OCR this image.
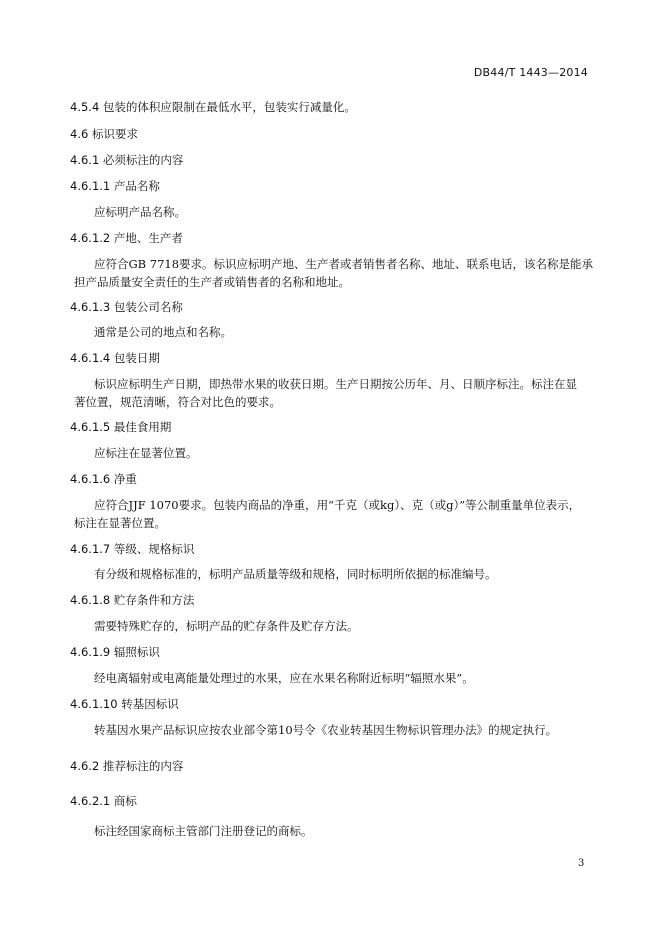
DB44/T 1443—2014
4.5.4 包装的体积应限制在最低水平，包装实行减量化。
4.6 标识要求
4.6.1 必须标注的内容
4.6.1.1 产品名称
应标明产品名称。
4.6.1.2 产地、生产者
应符合GB 7718要求。标识应标明产地、生产者或者销售者名称、地址、联系电话，该名称是能承
担产品质量安全责任的生产者或销售者的名称和地址。
4.6.1.3 包装公司名称
通常是公司的地点和名称。
4.6.1.4 包装日期
标识应标明生产日期，即热带水果的收获日期。生产日期按公历年、月、日顺序标注。标注在显
著位置，规范清晰，符合对比色的要求。
4.6.1.5 最佳食用期
应标注在显著位置。
4.6.1.6 净重
应符合JJF 1070要求。包装内商品的净重，用“千克（或kg）、克（或g）”等公制重量单位表示，
标注在显著位置。
4.6.1.7 等级、规格标识
有分级和规格标准的，标明产品质量等级和规格，同时标明所依据的标准编号。
4.6.1.8 贮存条件和方法
需要特殊贮存的，标明产品的贮存条件及贮存方法。
4.6.1.9 辐照标识
经电离辐射或电离能量处理过的水果，应在水果名称附近标明“辐照水果”。
4.6.1.10 转基因标识
转基因水果产品标识应按农业部令第10号令《农业转基因生物标识管理办法》的规定执行。
4.6.2 推荐标注的内容
4.6.2.1 商标
标注经国家商标主管部门注册登记的商标。
3
